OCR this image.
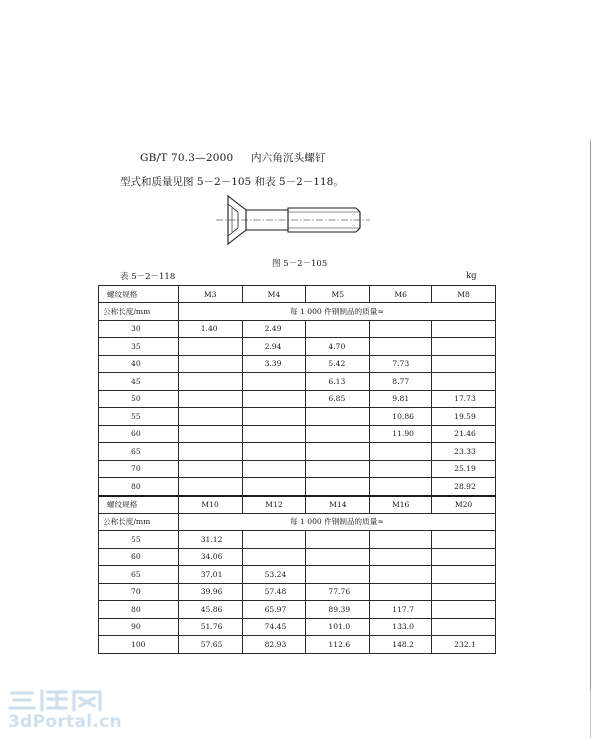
GB/T 70.3—2000 内六角沉头螺钉
型式和质量见图 5－2－105 和表 5－2－118。
图 5－2－105
表 5－2－118	kg
螺纹规格	M3	M4	M5	M6	M8
公称长度/mm	每 1 000 件钢制品的质量≈				
30	1.40	2.49			
35		2.94	4.70		
40		3.39	5.42	7.73	
45			6.13	8.77	
50			6.85	9.81	17.73
55				10.86	19.59
60				11.90	21.46
65					23.33
70					25.19
80					28.92
螺纹规格	M10	M12	M14	M16	M20
公称长度/mm	每 1 000 件钢制品的质量≈				
55	31.12				
60	34.06				
65	37.01	53.24			
70	39.96	57.48	77.76		
80	45.86	65.97	89.39	117.7	
90	51.76	74.45	101.0	133.0	
100	57.65	82.93	112.6	148.2	232.1
3dPortal.cn
